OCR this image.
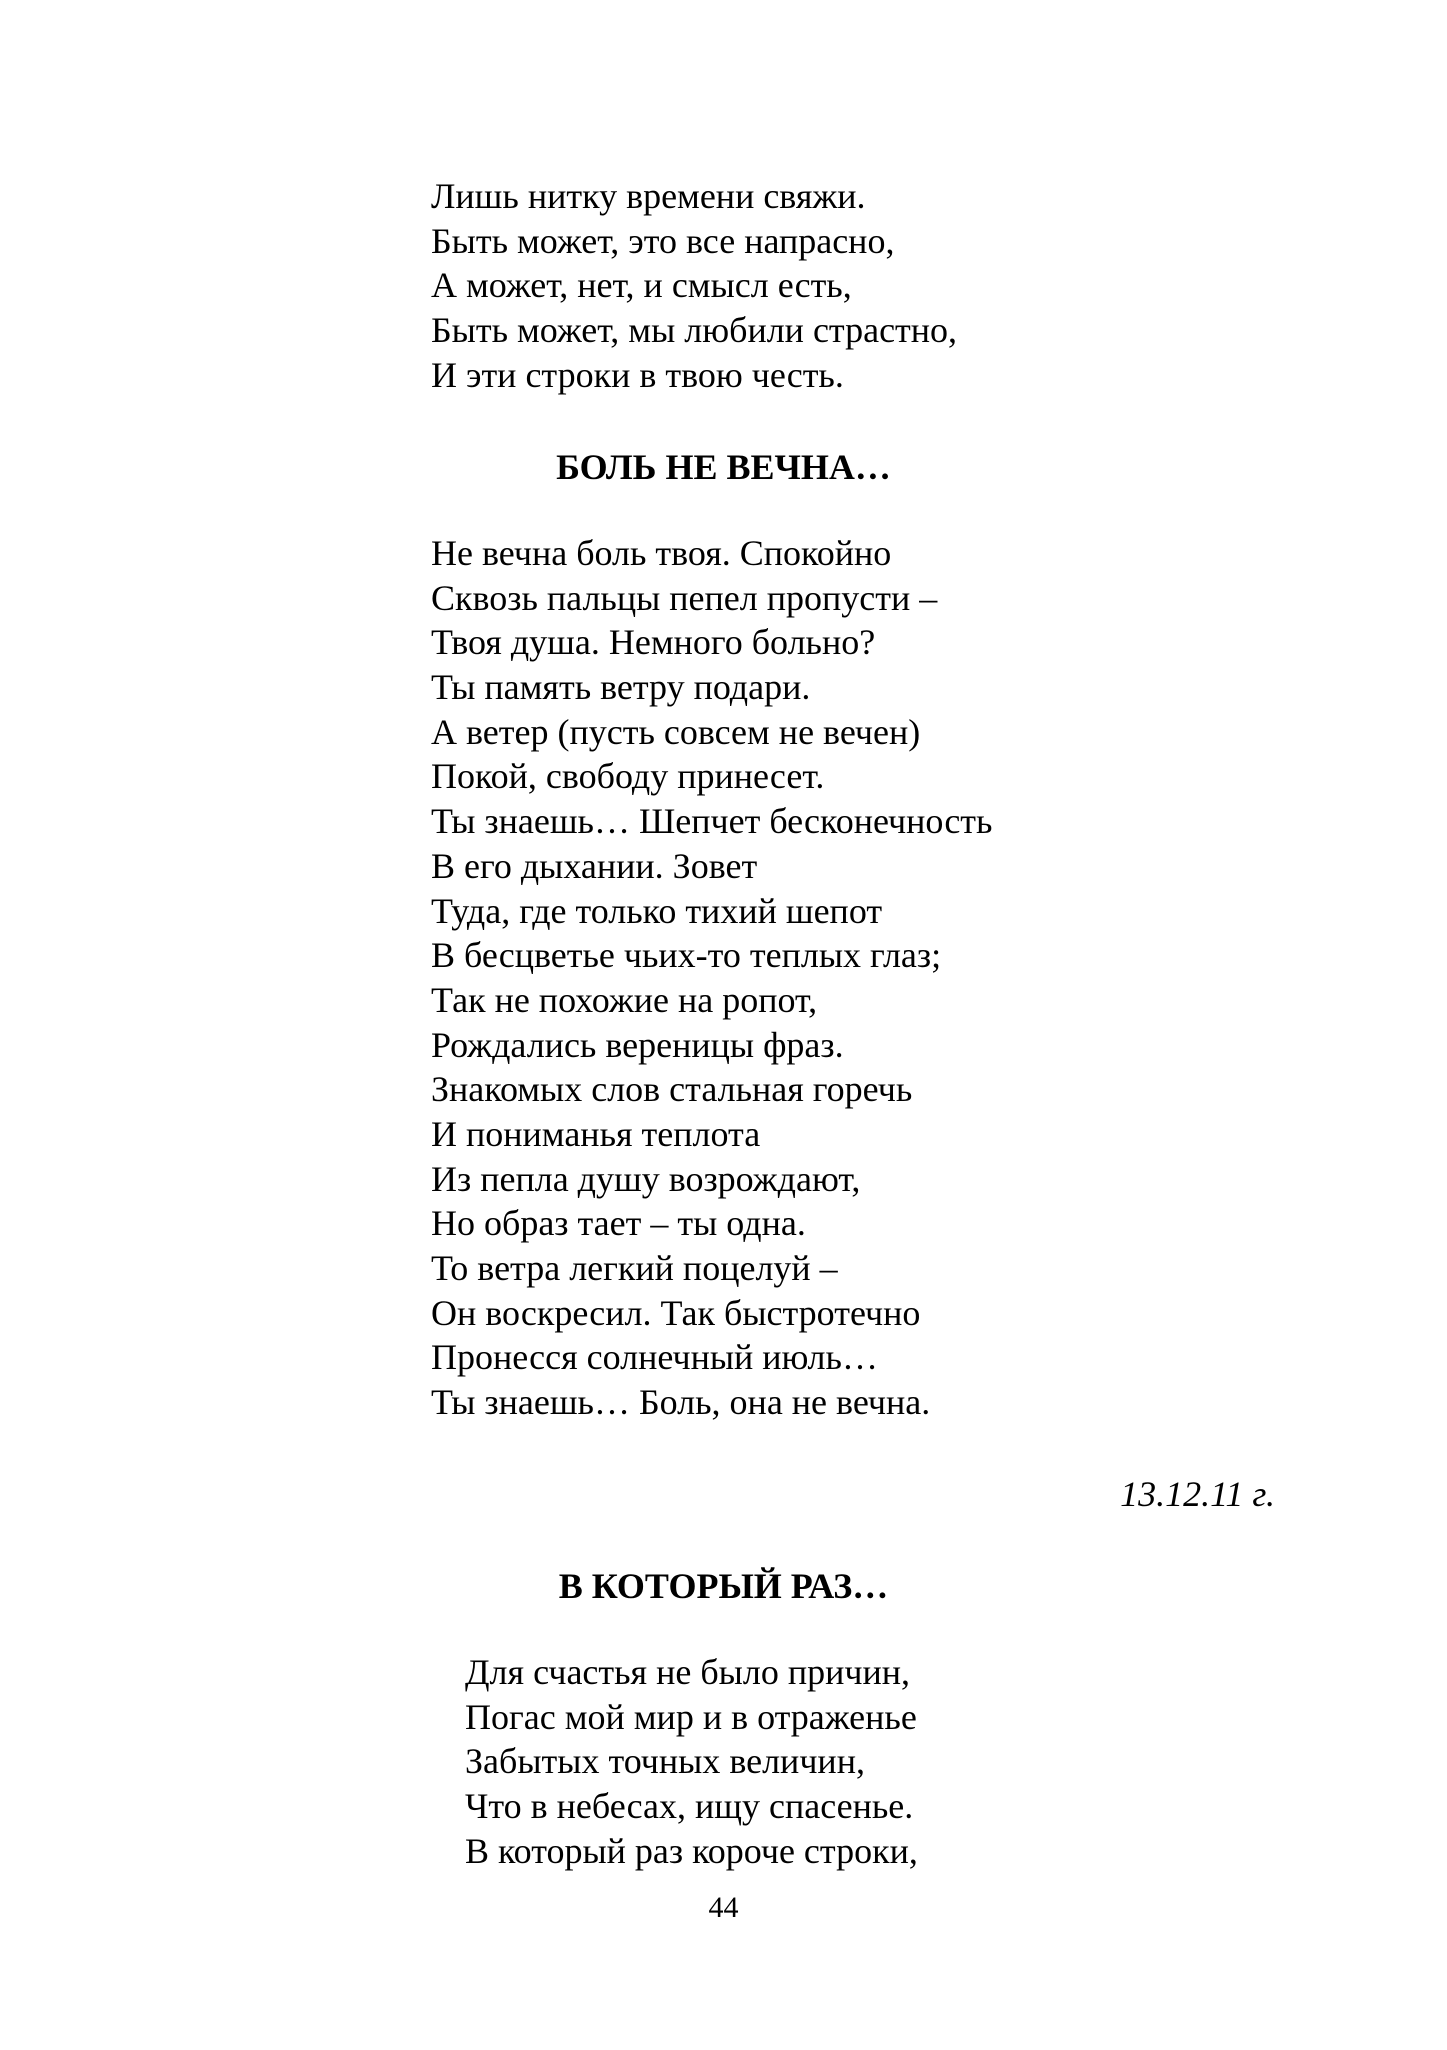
Лишь нитку времени свяжи.
Быть может, это все напрасно,
А может, нет, и смысл есть,
Быть может, мы любили страстно,
И эти строки в твою честь.
БОЛЬ НЕ ВЕЧНА…
Не вечна боль твоя. Спокойно
Сквозь пальцы пепел пропусти –
Твоя душа. Немного больно?
Ты память ветру подари.
А ветер (пусть совсем не вечен)
Покой, свободу принесет.
Ты знаешь… Шепчет бесконечность
В его дыхании. Зовет
Туда, где только тихий шепот
В бесцветье чьих-то теплых глаз;
Так не похожие на ропот,
Рождались вереницы фраз.
Знакомых слов стальная горечь
И пониманья теплота
Из пепла душу возрождают,
Но образ тает – ты одна.
То ветра легкий поцелуй –
Он воскресил. Так быстротечно
Пронесся солнечный июль…
Ты знаешь… Боль, она не вечна.

13.12.11 г.

В КОТОРЫЙ РАЗ…
Для счастья не было причин,
Погас мой мир и в отраженье
Забытых точных величин,
Что в небесах, ищу спасенье.
В который раз короче строки,

44
